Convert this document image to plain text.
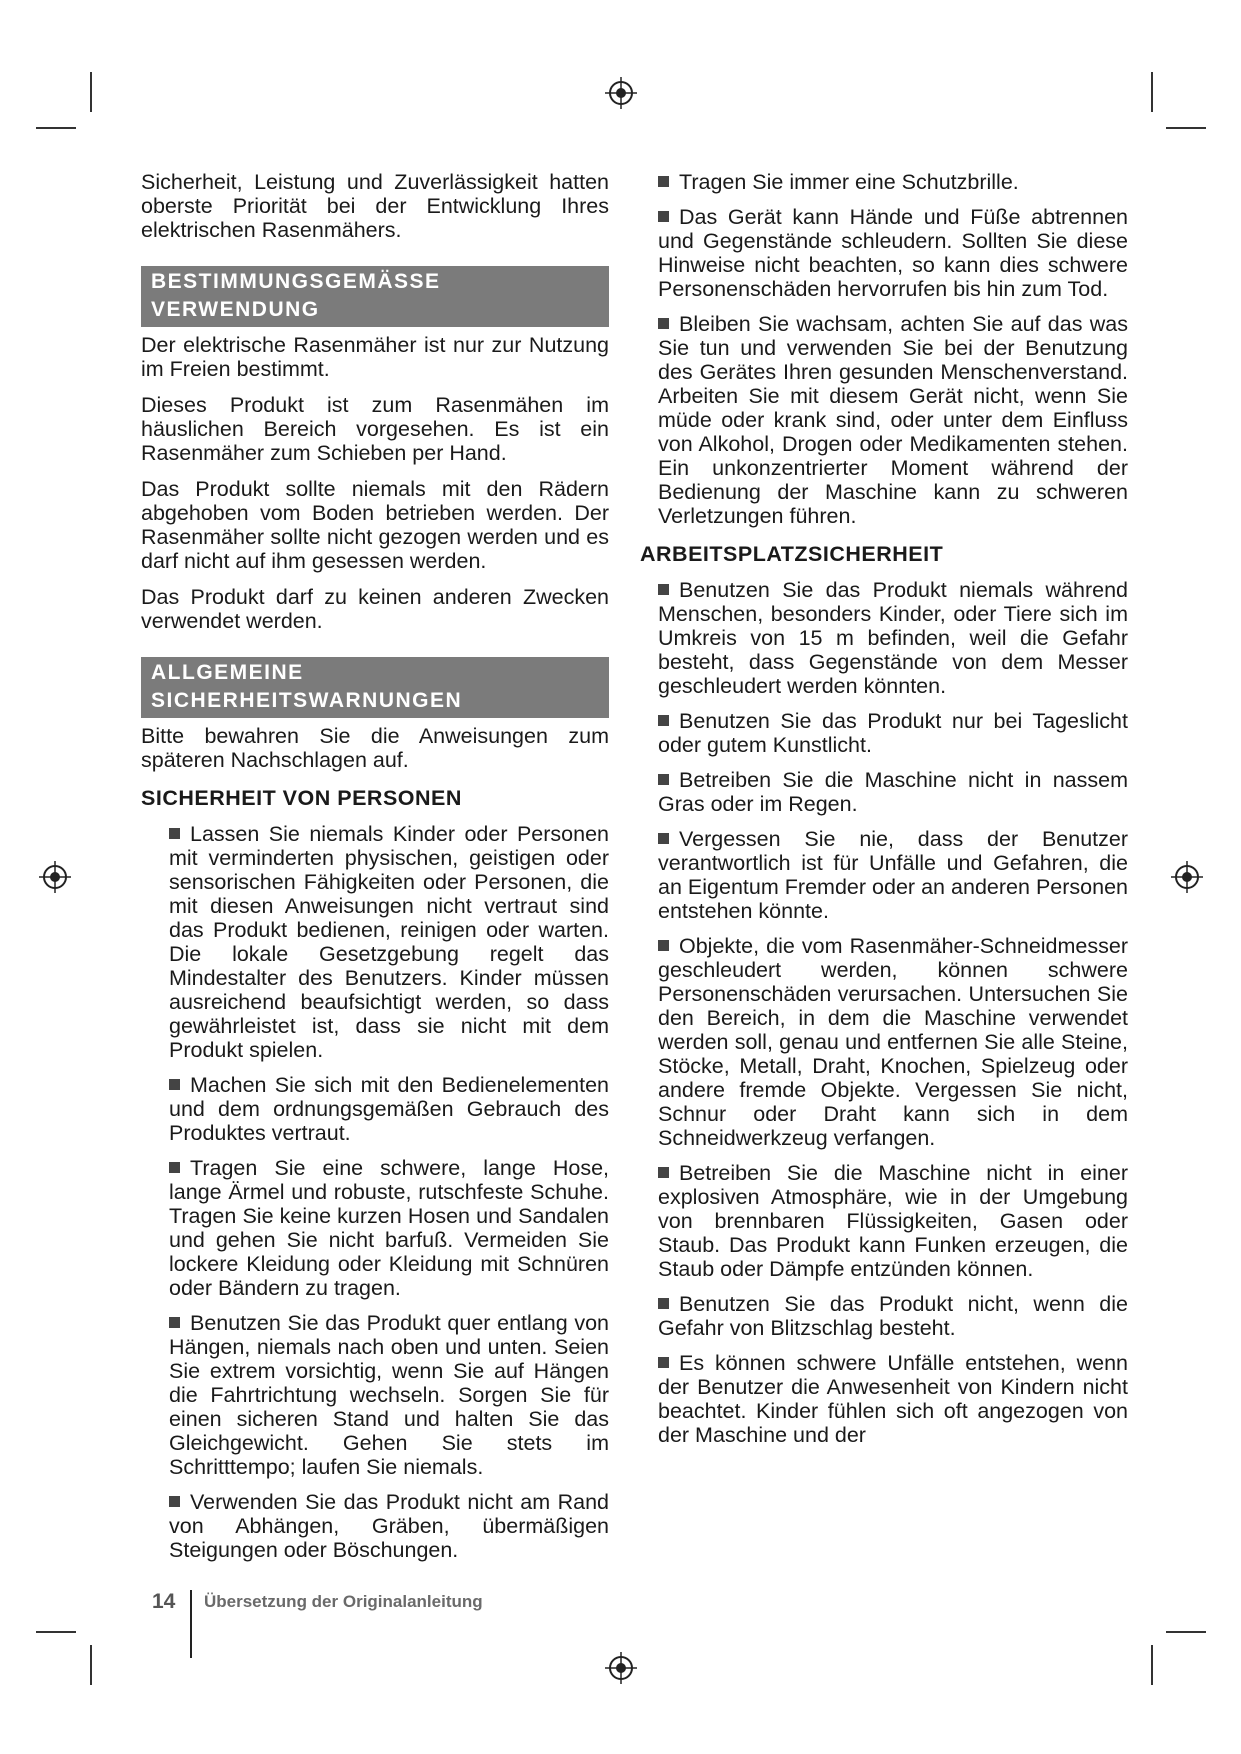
Sicherheit, Leistung und Zuverlässigkeit hatten oberste Priorität bei der Entwicklung Ihres elektrischen Rasenmähers.

BESTIMMUNGSGEMÄSSE
VERWENDUNG

Der elektrische Rasenmäher ist nur zur Nutzung im Freien bestimmt.

Dieses Produkt ist zum Rasenmähen im häuslichen Bereich vorgesehen. Es ist ein Rasenmäher zum Schieben per Hand.

Das Produkt sollte niemals mit den Rädern abgehoben vom Boden betrieben werden. Der Rasenmäher sollte nicht gezogen werden und es darf nicht auf ihm gesessen werden.

Das Produkt darf zu keinen anderen Zwecken verwendet werden.

ALLGEMEINE
SICHERHEITSWARNUNGEN

Bitte bewahren Sie die Anweisungen zum späteren Nachschlagen auf.

SICHERHEIT VON PERSONEN
Lassen Sie niemals Kinder oder Personen mit verminderten physischen, geistigen oder sensorischen Fähigkeiten oder Personen, die mit diesen Anweisungen nicht vertraut sind das Produkt bedienen, reinigen oder warten. Die lokale Gesetzgebung regelt das Mindestalter des Benutzers. Kinder müssen ausreichend beaufsichtigt werden, so dass gewährleistet ist, dass sie nicht mit dem Produkt spielen.
Machen Sie sich mit den Bedienelementen und dem ordnungsgemäßen Gebrauch des Produktes vertraut.
Tragen Sie eine schwere, lange Hose, lange Ärmel und robuste, rutschfeste Schuhe. Tragen Sie keine kurzen Hosen und Sandalen und gehen Sie nicht barfuß. Vermeiden Sie lockere Kleidung oder Kleidung mit Schnüren oder Bändern zu tragen.
Benutzen Sie das Produkt quer entlang von Hängen, niemals nach oben und unten. Seien Sie extrem vorsichtig, wenn Sie auf Hängen die Fahrtrichtung wechseln. Sorgen Sie für einen sicheren Stand und halten Sie das Gleichgewicht. Gehen Sie stets im Schritttempo; laufen Sie niemals.
Verwenden Sie das Produkt nicht am Rand von Abhängen, Gräben, übermäßigen Steigungen oder Böschungen.
Tragen Sie immer eine Schutzbrille.
Das Gerät kann Hände und Füße abtrennen und Gegenstände schleudern. Sollten Sie diese Hinweise nicht beachten, so kann dies schwere Personenschäden hervorrufen bis hin zum Tod.
Bleiben Sie wachsam, achten Sie auf das was Sie tun und verwenden Sie bei der Benutzung des Gerätes Ihren gesunden Menschenverstand. Arbeiten Sie mit diesem Gerät nicht, wenn Sie müde oder krank sind, oder unter dem Einfluss von Alkohol, Drogen oder Medikamenten stehen. Ein unkonzentrierter Moment während der Bedienung der Maschine kann zu schweren Verletzungen führen.
ARBEITSPLATZSICHERHEIT
Benutzen Sie das Produkt niemals während Menschen, besonders Kinder, oder Tiere sich im Umkreis von 15 m befinden, weil die Gefahr besteht, dass Gegenstände von dem Messer geschleudert werden könnten.
Benutzen Sie das Produkt nur bei Tageslicht oder gutem Kunstlicht.
Betreiben Sie die Maschine nicht in nassem Gras oder im Regen.
Vergessen Sie nie, dass der Benutzer verantwortlich ist für Unfälle und Gefahren, die an Eigentum Fremder oder an anderen Personen entstehen könnte.
Objekte, die vom Rasenmäher-Schneidmesser geschleudert werden, können schwere Personenschäden verursachen. Untersuchen Sie den Bereich, in dem die Maschine verwendet werden soll, genau und entfernen Sie alle Steine, Stöcke, Metall, Draht, Knochen, Spielzeug oder andere fremde Objekte. Vergessen Sie nicht, Schnur oder Draht kann sich in dem Schneidwerkzeug verfangen.
Betreiben Sie die Maschine nicht in einer explosiven Atmosphäre, wie in der Umgebung von brennbaren Flüssigkeiten, Gasen oder Staub. Das Produkt kann Funken erzeugen, die Staub oder Dämpfe entzünden können.
Benutzen Sie das Produkt nicht, wenn die Gefahr von Blitzschlag besteht.
Es können schwere Unfälle entstehen, wenn der Benutzer die Anwesenheit von Kindern nicht beachtet. Kinder fühlen sich oft angezogen von der Maschine und der
14 Übersetzung der Originalanleitung
